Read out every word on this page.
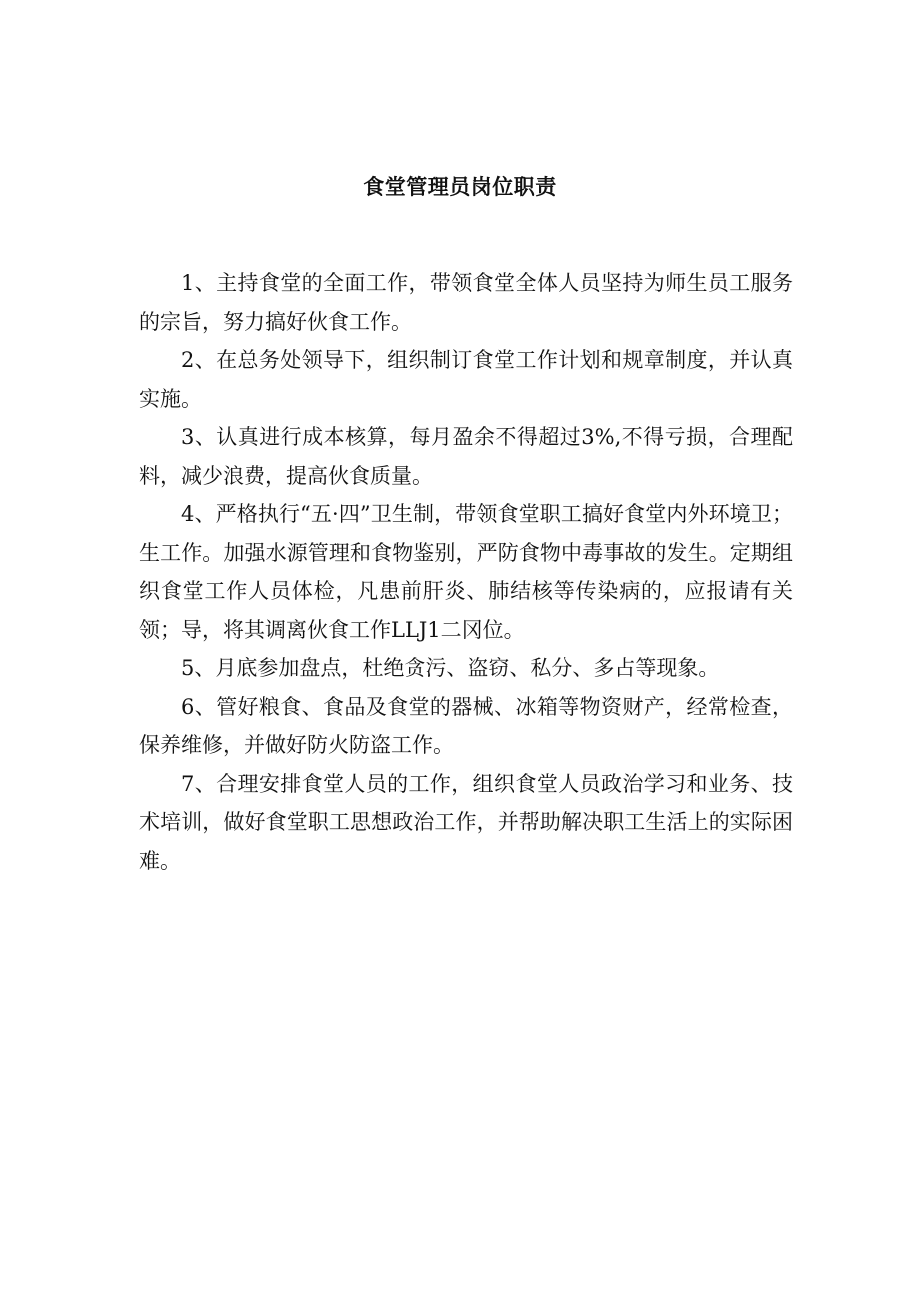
食堂管理员岗位职责

1、主持食堂的全面工作，带领食堂全体人员坚持为师生员工服务的宗旨，努力搞好伙食工作。

2、在总务处领导下，组织制订食堂工作计划和规章制度，并认真实施。

3、认真进行成本核算，每月盈余不得超过3%,不得亏损，合理配料，减少浪费，提高伙食质量。

4、严格执行“五·四”卫生制，带领食堂职工搞好食堂内外环境卫；生工作。加强水源管理和食物鉴别，严防食物中毒事故的发生。定期组织食堂工作人员体检，凡患前肝炎、肺结核等传染病的，应报请有关领；导，将其调离伙食工作LLJ1二冈位。

5、月底参加盘点，杜绝贪污、盗窃、私分、多占等现象。

6、管好粮食、食品及食堂的器械、冰箱等物资财产，经常检查，保养维修，并做好防火防盗工作。

7、合理安排食堂人员的工作，组织食堂人员政治学习和业务、技术培训，做好食堂职工思想政治工作，并帮助解决职工生活上的实际困难。
